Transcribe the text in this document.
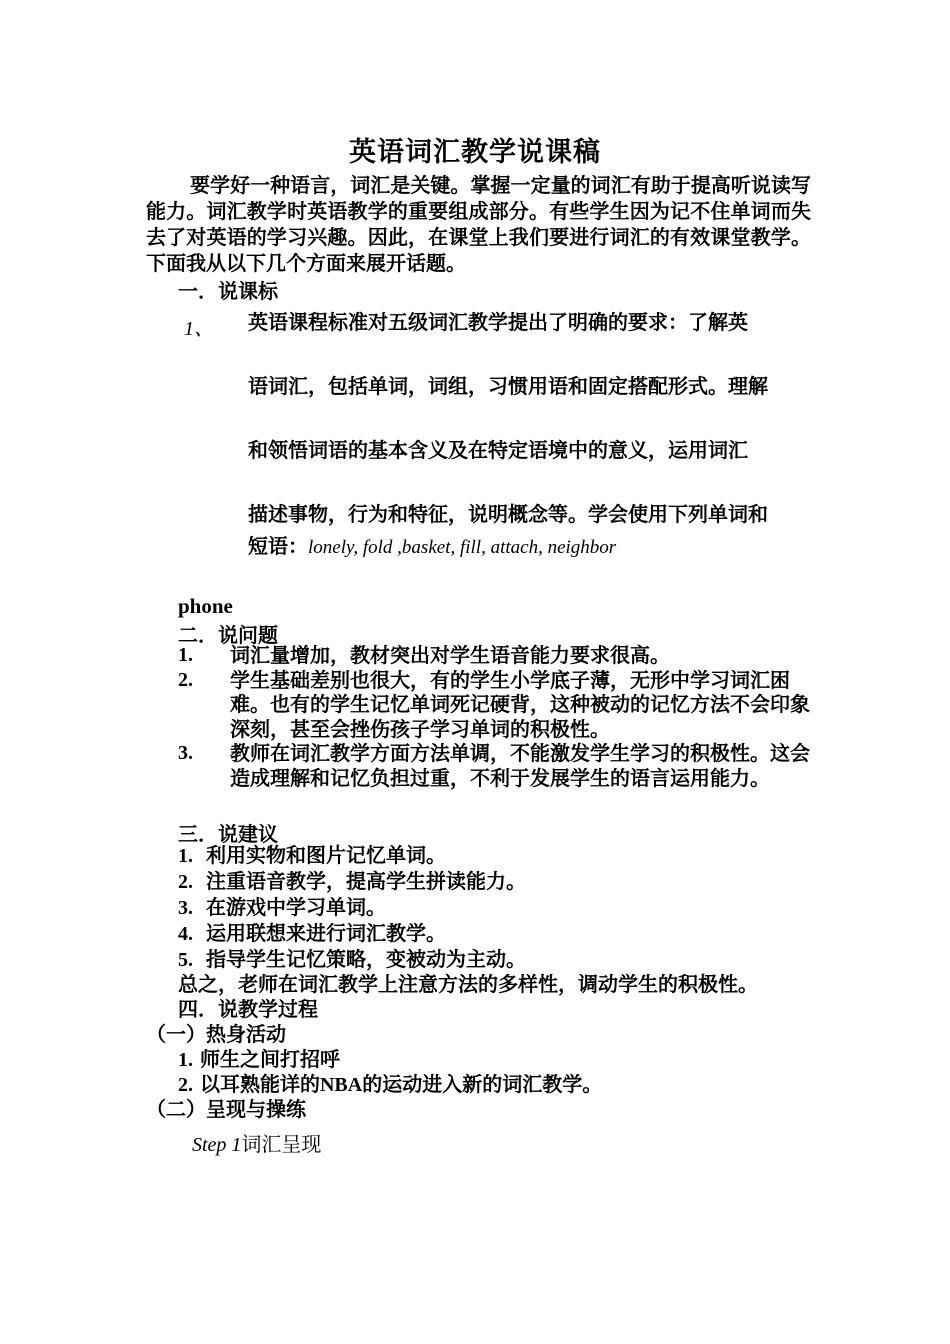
英语词汇教学说课稿
要学好一种语言，词汇是关键。掌握一定量的词汇有助于提高听说读写能力。词汇教学时英语教学的重要组成部分。有些学生因为记不住单词而失去了对英语的学习兴趣。因此，在课堂上我们要进行词汇的有效课堂教学。下面我从以下几个方面来展开话题。
一．说课标
1、 英语课程标准对五级词汇教学提出了明确的要求：了解英

语词汇，包括单词，词组，习惯用语和固定搭配形式。理解

和领悟词语的基本含义及在特定语境中的意义，运用词汇

描述事物，行为和特征，说明概念等。学会使用下列单词和

短语：lonely, fold ,basket, fill, attach, neighbor
phone
二．说问题
1.	词汇量增加，教材突出对学生语音能力要求很高。
2.	学生基础差别也很大，有的学生小学底子薄，无形中学习词汇困难。也有的学生记忆单词死记硬背，这种被动的记忆方法不会印象深刻，甚至会挫伤孩子学习单词的积极性。
3.	教师在词汇教学方面方法单调，不能激发学生学习的积极性。这会造成理解和记忆负担过重，不利于发展学生的语言运用能力。
三．说建议
1. 利用实物和图片记忆单词。
2. 注重语音教学，提高学生拼读能力。
3. 在游戏中学习单词。
4. 运用联想来进行词汇教学。
5. 指导学生记忆策略，变被动为主动。
总之，老师在词汇教学上注意方法的多样性，调动学生的积极性。
四．说教学过程
（一）热身活动
1. 师生之间打招呼
2. 以耳熟能详的NBA的运动进入新的词汇教学。
（二）呈现与操练
Step 1词汇呈现
